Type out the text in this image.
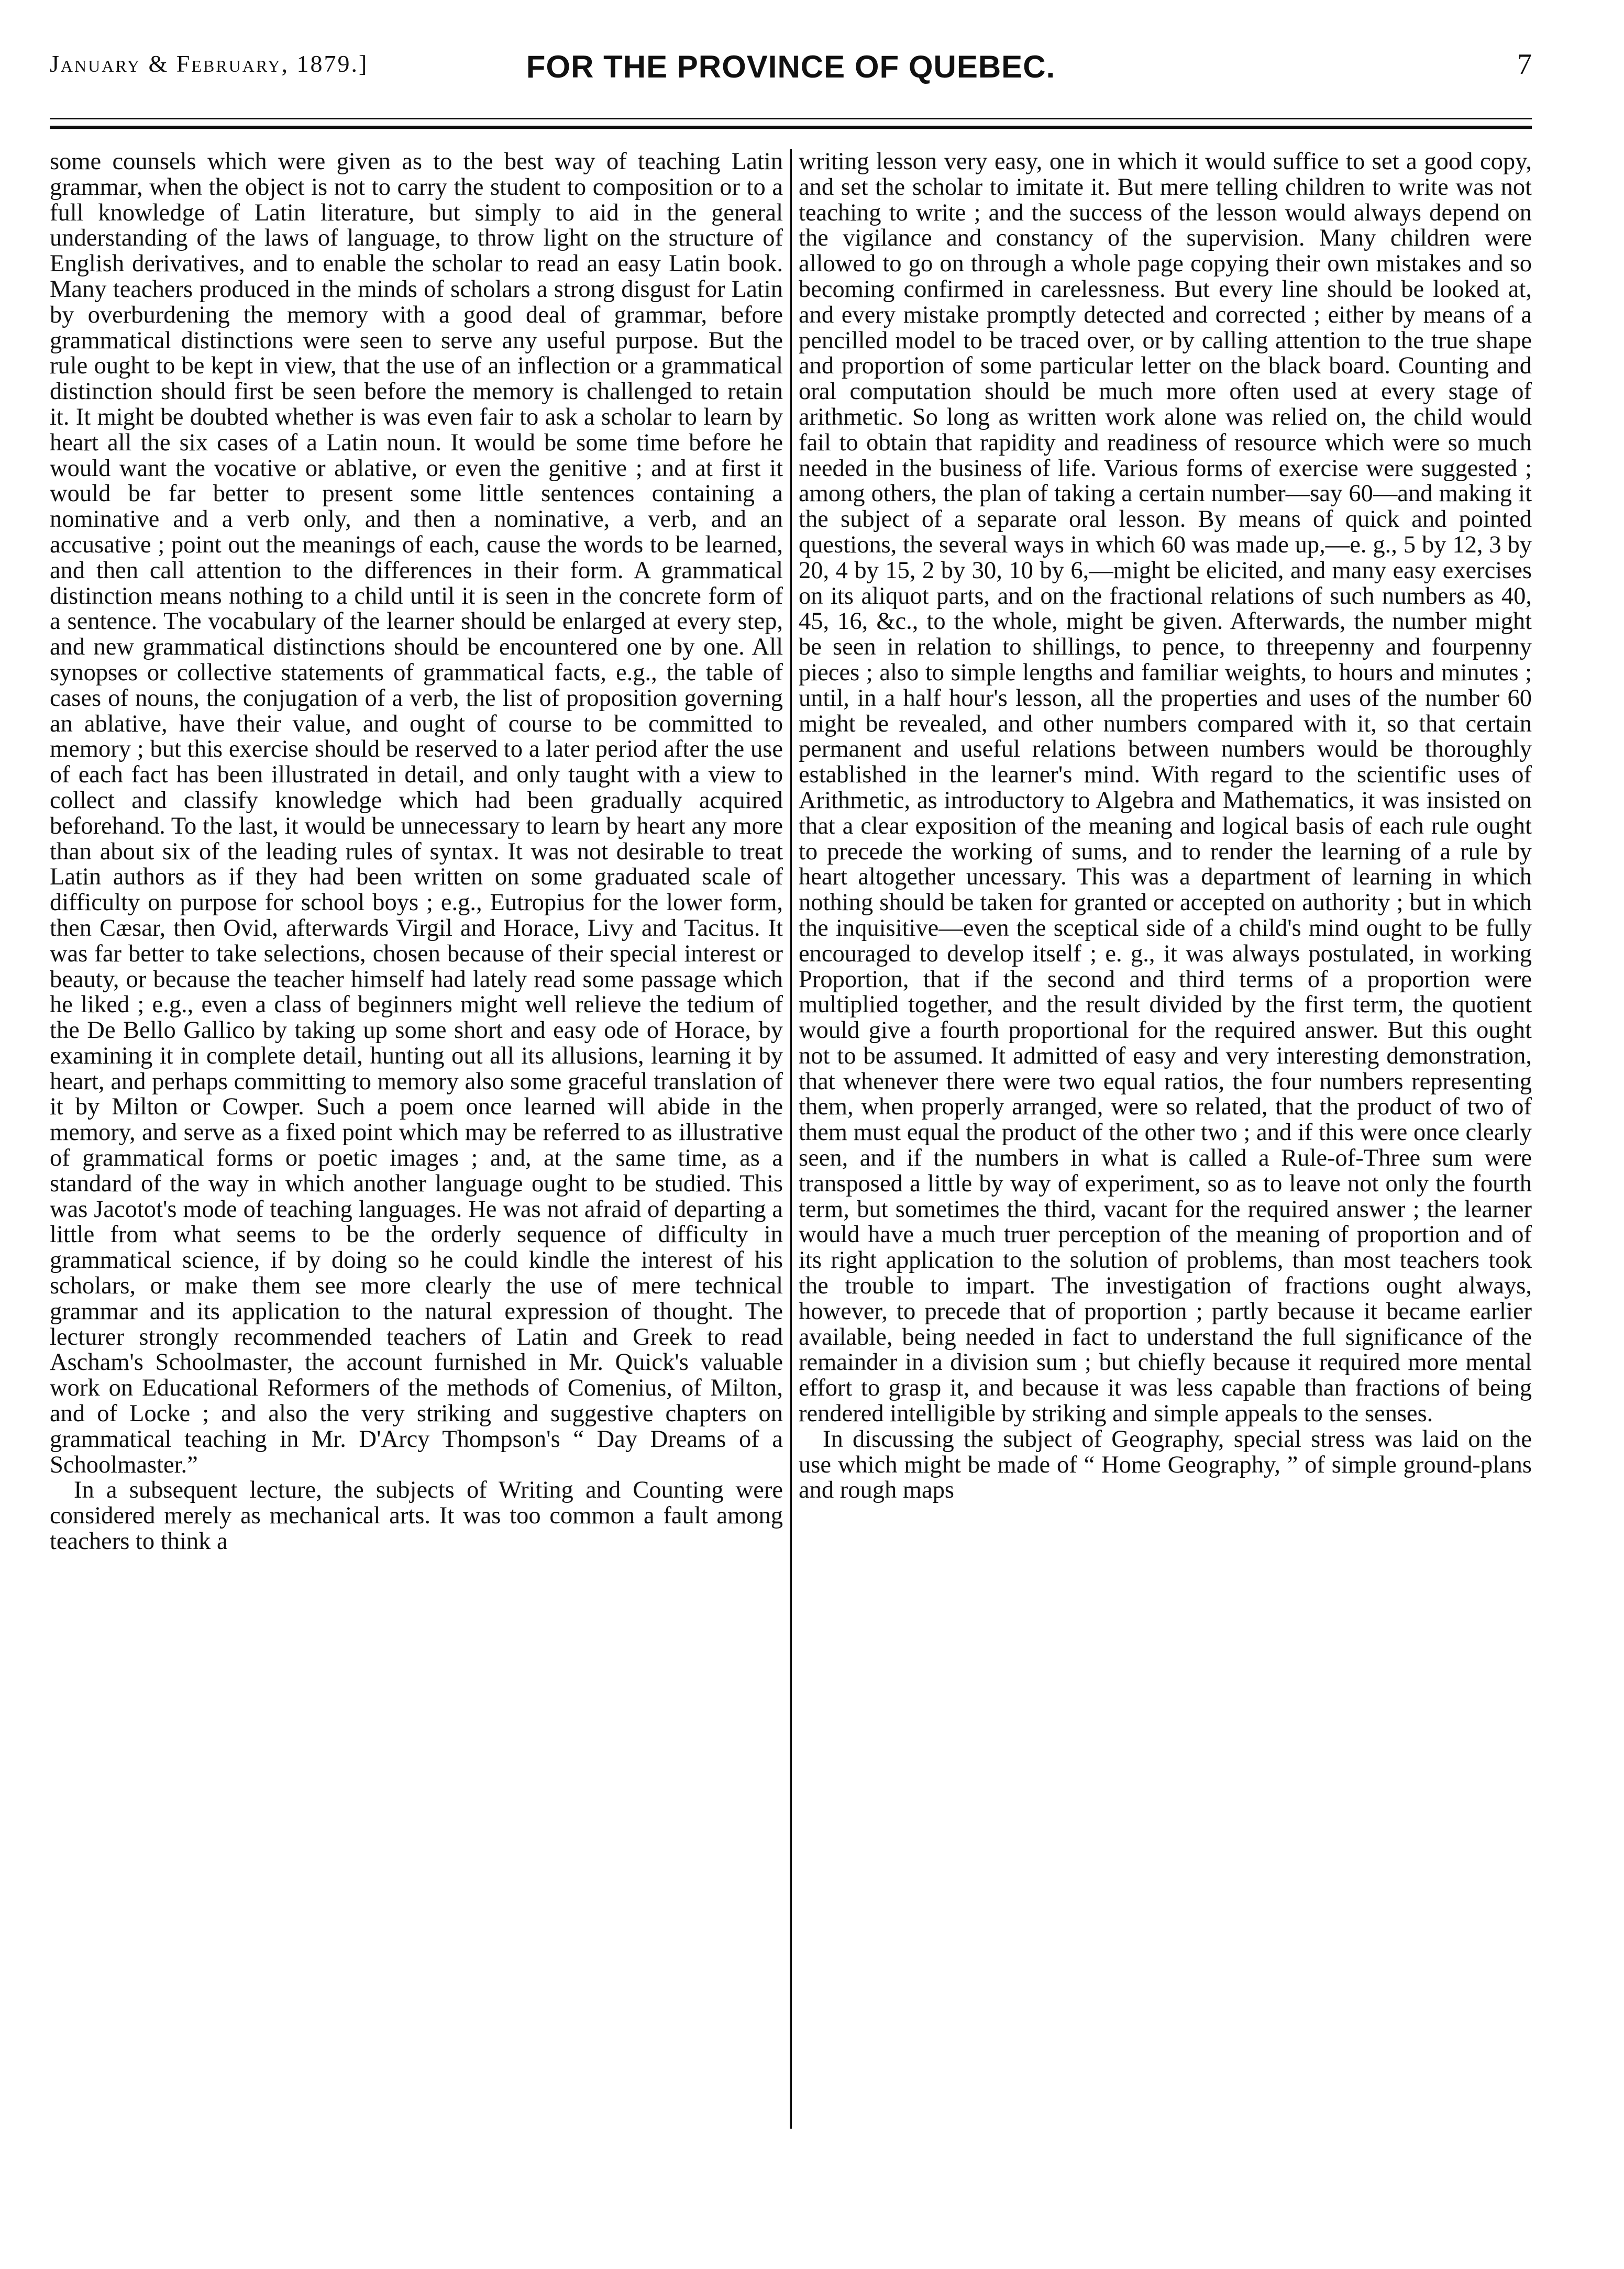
January & February, 1879.]	FOR THE PROVINCE OF QUEBEC.	7

some counsels which were given as to the best way of teaching Latin grammar, when the object is not to carry the student to composition or to a full knowledge of Latin literature, but simply to aid in the general understanding of the laws of language, to throw light on the structure of English derivatives, and to enable the scholar to read an easy Latin book. Many teachers produced in the minds of scholars a strong disgust for Latin by overburdening the memory with a good deal of grammar, before grammatical distinctions were seen to serve any useful purpose. But the rule ought to be kept in view, that the use of an inflection or a grammatical distinction should first be seen before the memory is challenged to retain it. It might be doubted whether is was even fair to ask a scholar to learn by heart all the six cases of a Latin noun. It would be some time before he would want the vocative or ablative, or even the genitive ; and at first it would be far better to present some little sentences containing a nominative and a verb only, and then a nominative, a verb, and an accusative ; point out the meanings of each, cause the words to be learned, and then call attention to the differences in their form. A grammatical distinction means nothing to a child until it is seen in the concrete form of a sentence. The vocabulary of the learner should be enlarged at every step, and new grammatical distinctions should be encountered one by one. All synopses or collective statements of grammatical facts, e.g., the table of cases of nouns, the conjugation of a verb, the list of proposition governing an ablative, have their value, and ought of course to be committed to memory ; but this exercise should be reserved to a later period after the use of each fact has been illustrated in detail, and only taught with a view to collect and classify knowledge which had been gradually acquired beforehand. To the last, it would be unnecessary to learn by heart any more than about six of the leading rules of syntax. It was not desirable to treat Latin authors as if they had been written on some graduated scale of difficulty on purpose for school boys ; e.g., Eutropius for the lower form, then Cæsar, then Ovid, afterwards Virgil and Horace, Livy and Tacitus. It was far better to take selections, chosen because of their special interest or beauty, or because the teacher himself had lately read some passage which he liked ; e.g., even a class of beginners might well relieve the tedium of the De Bello Gallico by taking up some short and easy ode of Horace, by examining it in complete detail, hunting out all its allusions, learning it by heart, and perhaps committing to memory also some graceful translation of it by Milton or Cowper. Such a poem once learned will abide in the memory, and serve as a fixed point which may be referred to as illustrative of grammatical forms or poetic images ; and, at the same time, as a standard of the way in which another language ought to be studied. This was Jacotot's mode of teaching languages. He was not afraid of departing a little from what seems to be the orderly sequence of difficulty in grammatical science, if by doing so he could kindle the interest of his scholars, or make them see more clearly the use of mere technical grammar and its application to the natural expression of thought. The lecturer strongly recommended teachers of Latin and Greek to read Ascham's Schoolmaster, the account furnished in Mr. Quick's valuable work on Educational Reformers of the methods of Comenius, of Milton, and of Locke ; and also the very striking and suggestive chapters on grammatical teaching in Mr. D'Arcy Thompson's “ Day Dreams of a Schoolmaster.”

In a subsequent lecture, the subjects of Writing and Counting were considered merely as mechanical arts. It was too common a fault among teachers to think a

writing lesson very easy, one in which it would suffice to set a good copy, and set the scholar to imitate it. But mere telling children to write was not teaching to write ; and the success of the lesson would always depend on the vigilance and constancy of the supervision. Many children were allowed to go on through a whole page copying their own mistakes and so becoming confirmed in carelessness. But every line should be looked at, and every mistake promptly detected and corrected ; either by means of a pencilled model to be traced over, or by calling attention to the true shape and proportion of some particular letter on the black board. Counting and oral computation should be much more often used at every stage of arithmetic. So long as written work alone was relied on, the child would fail to obtain that rapidity and readiness of resource which were so much needed in the business of life. Various forms of exercise were suggested ; among others, the plan of taking a certain number—say 60—and making it the subject of a separate oral lesson. By means of quick and pointed questions, the several ways in which 60 was made up,—e. g., 5 by 12, 3 by 20, 4 by 15, 2 by 30, 10 by 6,—might be elicited, and many easy exercises on its aliquot parts, and on the fractional relations of such numbers as 40, 45, 16, &c., to the whole, might be given. Afterwards, the number might be seen in relation to shillings, to pence, to threepenny and fourpenny pieces ; also to simple lengths and familiar weights, to hours and minutes ; until, in a half hour's lesson, all the properties and uses of the number 60 might be revealed, and other numbers compared with it, so that certain permanent and useful relations between numbers would be thoroughly established in the learner's mind. With regard to the scientific uses of Arithmetic, as introductory to Algebra and Mathematics, it was insisted on that a clear exposition of the meaning and logical basis of each rule ought to precede the working of sums, and to render the learning of a rule by heart altogether uncessary. This was a department of learning in which nothing should be taken for granted or accepted on authority ; but in which the inquisitive—even the sceptical side of a child's mind ought to be fully encouraged to develop itself ; e. g., it was always postulated, in working Proportion, that if the second and third terms of a proportion were multiplied together, and the result divided by the first term, the quotient would give a fourth proportional for the required answer. But this ought not to be assumed. It admitted of easy and very interesting demonstration, that whenever there were two equal ratios, the four numbers representing them, when properly arranged, were so related, that the product of two of them must equal the product of the other two ; and if this were once clearly seen, and if the numbers in what is called a Rule-of-Three sum were transposed a little by way of experiment, so as to leave not only the fourth term, but sometimes the third, vacant for the required answer ; the learner would have a much truer perception of the meaning of proportion and of its right application to the solution of problems, than most teachers took the trouble to impart. The investigation of fractions ought always, however, to precede that of proportion ; partly because it became earlier available, being needed in fact to understand the full significance of the remainder in a division sum ; but chiefly because it required more mental effort to grasp it, and because it was less capable than fractions of being rendered intelligible by striking and simple appeals to the senses.

In discussing the subject of Geography, special stress was laid on the use which might be made of “ Home Geography, ” of simple ground-plans and rough maps
